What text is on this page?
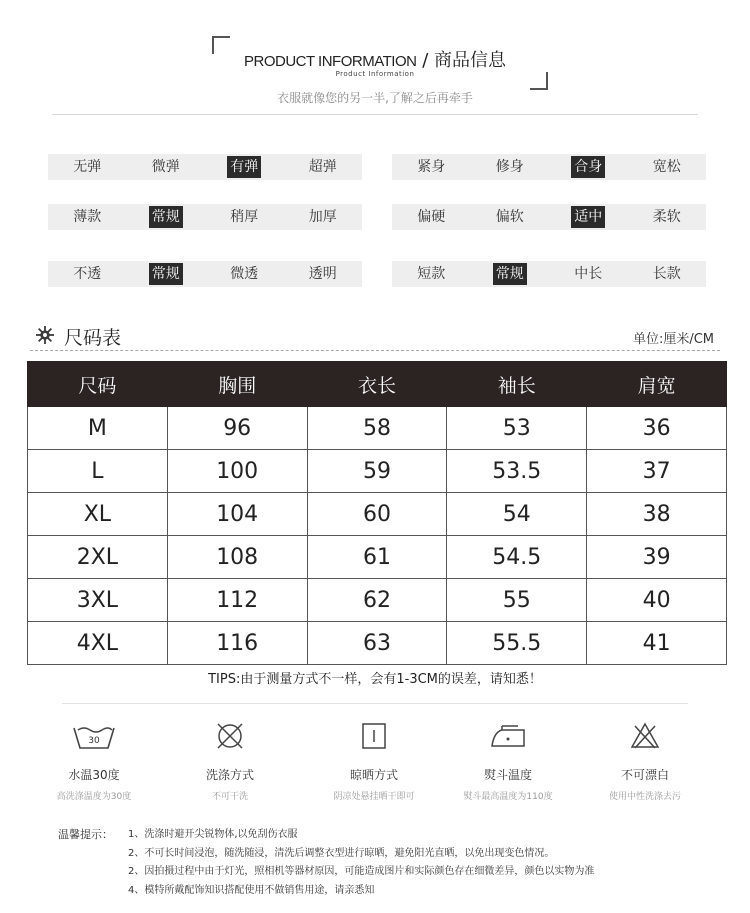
PRODUCT INFORMATION / 商品信息
Product Information
衣服就像您的另一半,了解之后再牵手
无弹	微弹	有弹	超弹
薄款	常规	稍厚	加厚
不透	常规	微透	透明
紧身	修身	合身	宽松
偏硬	偏软	适中	柔软
短款	常规	中长	长款
尺码表	单位:厘米/CM
尺码	胸围	衣长	袖长	肩宽
M	96	58	53	36
L	100	59	53.5	37
XL	104	60	54	38
2XL	108	61	54.5	39
3XL	112	62	55	40
4XL	116	63	55.5	41
TIPS:由于测量方式不一样，会有1-3CM的误差，请知悉！
30
水温30度
高洗涤温度为30度
洗涤方式
不可干洗
晾晒方式
阴凉处悬挂晒干即可
熨斗温度
熨斗最高温度为110度
不可漂白
使用中性洗涤去污
温馨提示： 1、洗涤时避开尖锐物体,以免刮伤衣服
2、不可长时间浸泡，随洗随浸，清洗后调整衣型进行晾晒，避免阳光直晒，以免出现变色情况。
2、因拍摄过程中由于灯光，照相机等器材原因，可能造成图片和实际颜色存在细微差异，颜色以实物为准
4、模特所戴配饰知识搭配使用不做销售用途，请亲悉知
